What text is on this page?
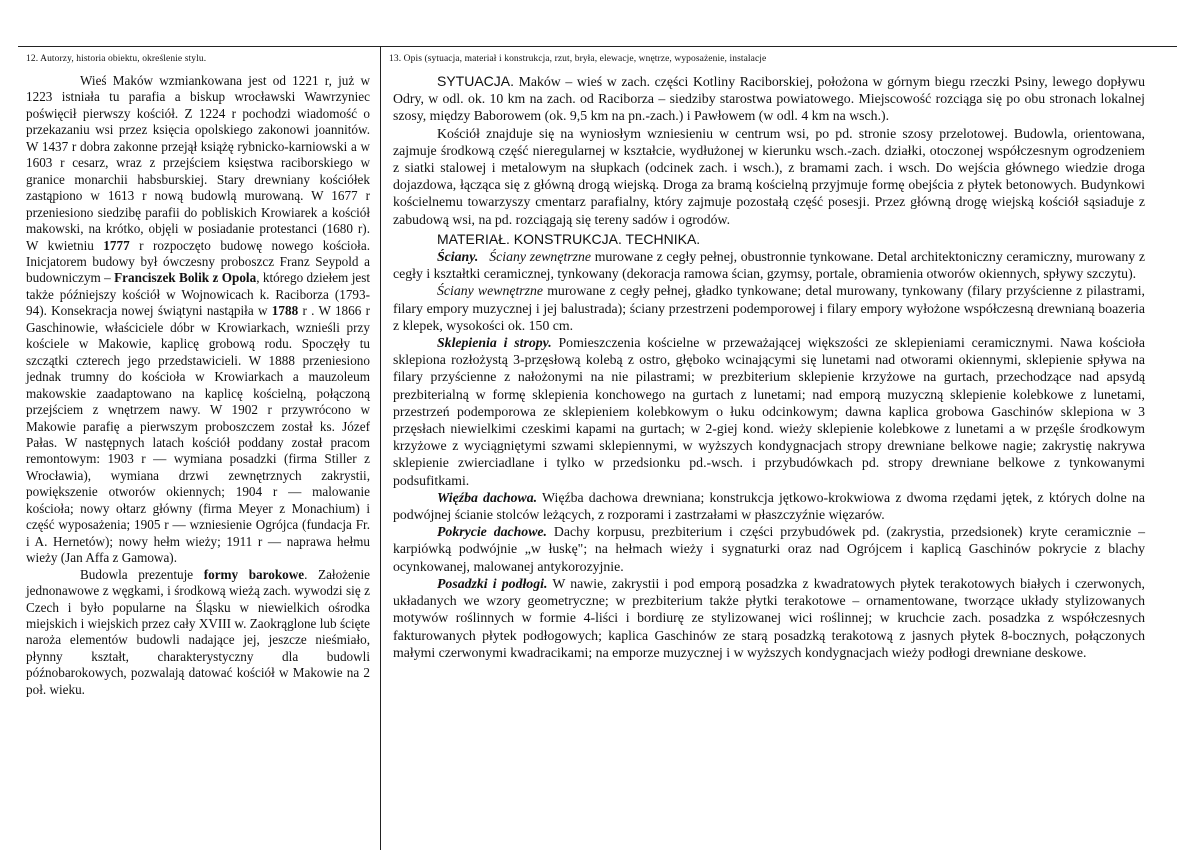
12. Autorzy, historia obiektu, określenie stylu.

Wieś Maków wzmiankowana jest od 1221 r, już w 1223 istniała tu parafia a biskup wrocławski Wawrzyniec poświęcił pierwszy kościół. Z 1224 r pochodzi wiadomość o przekazaniu wsi przez księcia opolskiego zakonowi joannitów. W 1437 r dobra zakonne przejął książę rybnicko-karniowski a w 1603 r cesarz, wraz z przejściem księstwa raciborskiego w granice monarchii habsburskiej. Stary drewniany kościółek zastąpiono w 1613 r nową budowlą murowaną. W 1677 r przeniesiono siedzibę parafii do pobliskich Krowiarek a kościół makowski, na krótko, objęli w posiadanie protestanci (1680 r). W kwietniu 1777 r rozpoczęto budowę nowego kościoła. Inicjatorem budowy był ówczesny proboszcz Franz Seypold a budowniczym – Franciszek Bolik z Opola, którego dziełem jest także późniejszy kościół w Wojnowicach k. Raciborza (1793-94). Konsekracja nowej świątyni nastąpiła w 1788 r . W 1866 r Gaschinowie, właściciele dóbr w Krowiarkach, wznieśli przy kościele w Makowie, kaplicę grobową rodu. Spoczęły tu szczątki czterech jego przedstawicieli. W 1888 przeniesiono jednak trumny do kościoła w Krowiarkach a mauzoleum makowskie zaadaptowano na kaplicę kościelną, połączoną przejściem z wnętrzem nawy. W 1902 r przywrócono w Makowie parafię a pierwszym proboszczem został ks. Józef Pałas. W następnych latach kościół poddany został pracom remontowym: 1903 r — wymiana posadzki (firma Stiller z Wrocławia), wymiana drzwi zewnętrznych zakrystii, powiększenie otworów okiennych; 1904 r — malowanie kościoła; nowy ołtarz główny (firma Meyer z Monachium) i część wyposażenia; 1905 r — wzniesienie Ogrójca (fundacja Fr. i A. Hernetów); nowy hełm wieży; 1911 r — naprawa hełmu wieży (Jan Affa z Gamowa).

Budowla prezentuje formy barokowe. Założenie jednonawowe z węgkami, i środkową wieżą zach. wywodzi się z Czech i było popularne na Śląsku w niewielkich ośrodka miejskich i wiejskich przez cały XVIII w. Zaokrąglone lub ścięte naroża elementów budowli nadające jej, jeszcze nieśmiało, płynny kształt, charakterystyczny dla budowli późnobarokowych, pozwalają datować kościół w Makowie na 2 poł. wieku.

13. Opis (sytuacja, materiał i konstrukcja, rzut, bryła, elewacje, wnętrze, wyposażenie, instalacje

SYTUACJA. Maków – wieś w zach. części Kotliny Raciborskiej, położona w górnym biegu rzeczki Psiny, lewego dopływu Odry, w odl. ok. 10 km na zach. od Raciborza – siedziby starostwa powiatowego. Miejscowość rozciąga się po obu stronach lokalnej szosy, między Baborowem (ok. 9,5 km na pn.-zach.) i Pawłowem (w odl. 4 km na wsch.).

Kościół znajduje się na wyniosłym wzniesieniu w centrum wsi, po pd. stronie szosy przelotowej. Budowla, orientowana, zajmuje środkową część nieregularnej w kształcie, wydłużonej w kierunku wsch.-zach. działki, otoczonej współczesnym ogrodzeniem z siatki stalowej i metalowym na słupkach (odcinek zach. i wsch.), z bramami zach. i wsch. Do wejścia głównego wiedzie droga dojazdowa, łącząca się z główną drogą wiejską. Droga za bramą kościelną przyjmuje formę obejścia z płytek betonowych. Budynkowi kościelnemu towarzyszy cmentarz parafialny, który zajmuje pozostałą część posesji. Przez główną drogę wiejską kościół sąsiaduje z zabudową wsi, na pd. rozciągają się tereny sadów i ogrodów.

MATERIAŁ. KONSTRUKCJA. TECHNIKA.

Ściany. Ściany zewnętrzne murowane z cegły pełnej, obustronnie tynkowane. Detal architektoniczny ceramiczny, murowany z cegły i kształtki ceramicznej, tynkowany (dekoracja ramowa ścian, gzymsy, portale, obramienia otworów okiennych, spływy szczytu).

Ściany wewnętrzne murowane z cegły pełnej, gładko tynkowane; detal murowany, tynkowany (filary przyścienne z pilastrami, filary empory muzycznej i jej balustrada); ściany przestrzeni podemporowej i filary empory wyłożone współczesną drewnianą boazeria z klepek, wysokości ok. 150 cm.

Sklepienia i stropy. Pomieszczenia kościelne w przeważającej większości ze sklepieniami ceramicznymi. Nawa kościoła sklepiona rozłożystą 3-przęsłową kolebą z ostro, głęboko wcinającymi się lunetami nad otworami okiennymi, sklepienie spływa na filary przyścienne z nałożonymi na nie pilastrami; w prezbiterium sklepienie krzyżowe na gurtach, przechodzące nad apsydą prezbiterialną w formę sklepienia konchowego na gurtach z lunetami; nad emporą muzyczną sklepienie kolebkowe z lunetami, przestrzeń podemporowa ze sklepieniem kolebkowym o łuku odcinkowym; dawna kaplica grobowa Gaschinów sklepiona w 3 przęsłach niewielkimi czeskimi kapami na gurtach; w 2-giej kond. wieży sklepienie kolebkowe z lunetami a w przęśle środkowym krzyżowe z wyciągniętymi szwami sklepiennymi, w wyższych kondygnacjach stropy drewniane belkowe nagie; zakrystię nakrywa sklepienie zwierciadlane i tylko w przedsionku pd.-wsch. i przybudówkach pd. stropy drewniane belkowe z tynkowanymi podsufitkami.

Więźba dachowa. Więźba dachowa drewniana; konstrukcja jętkowo-krokwiowa z dwoma rzędami jętek, z których dolne na podwójnej ścianie stolców leżących, z rozporami i zastrzałami w płaszczyźnie więzarów.

Pokrycie dachowe. Dachy korpusu, prezbiterium i części przybudówek pd. (zakrystia, przedsionek) kryte ceramicznie – karpiówką podwójnie „w łuskę"; na hełmach wieży i sygnaturki oraz nad Ogrójcem i kaplicą Gaschinów pokrycie z blachy ocynkowanej, malowanej antykorozyjnie.

Posadzki i podłogi. W nawie, zakrystii i pod emporą posadzka z kwadratowych płytek terakotowych białych i czerwonych, układanych we wzory geometryczne; w prezbiterium także płytki terakotowe – ornamentowane, tworzące układy stylizowanych motywów roślinnych w formie 4-liści i bordiurę ze stylizowanej wici roślinnej; w kruchcie zach. posadzka z współczesnych fakturowanych płytek podłogowych; kaplica Gaschinów ze starą posadzką terakotową z jasnych płytek 8-bocznych, połączonych małymi czerwonymi kwadracikami; na emporze muzycznej i w wyższych kondygnacjach wieży podłogi drewniane deskowe.
